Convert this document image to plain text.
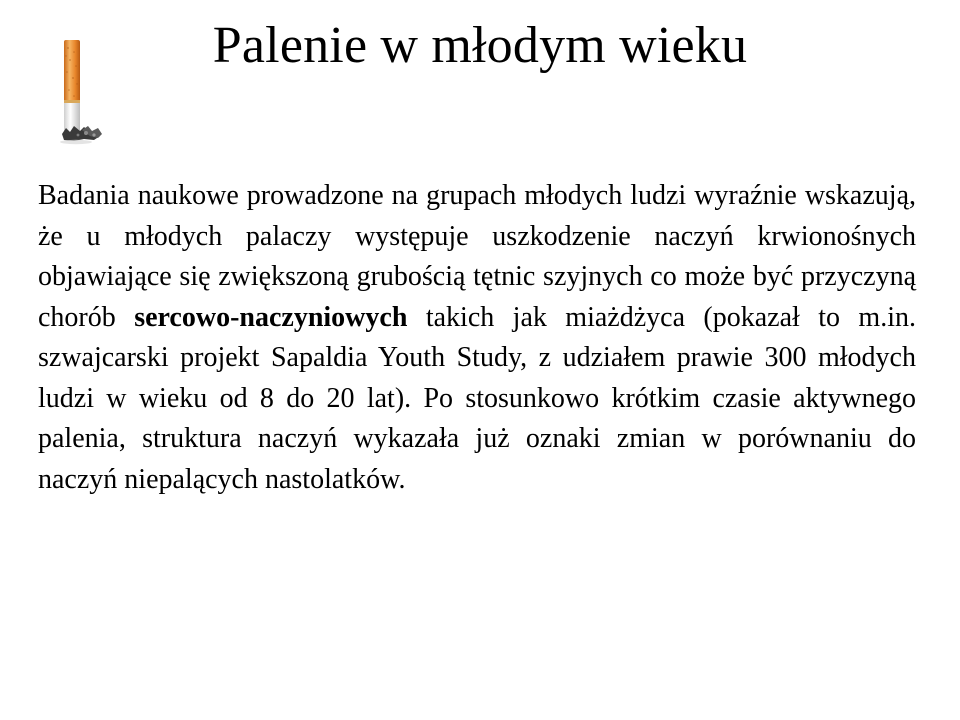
Palenie w młodym wieku

Badania naukowe prowadzone na grupach młodych ludzi wyraźnie wskazują, że u młodych palaczy występuje uszkodzenie naczyń krwionośnych objawiające się zwiększoną grubością tętnic szyjnych co może być przyczyną chorób sercowo-naczyniowych takich jak miażdżyca (pokazał to m.in. szwajcarski projekt Sapaldia Youth Study, z udziałem prawie 300 młodych ludzi w wieku od 8 do 20 lat). Po stosunkowo krótkim czasie aktywnego palenia, struktura naczyń wykazała już oznaki zmian w porównaniu do naczyń niepalących nastolatków.
